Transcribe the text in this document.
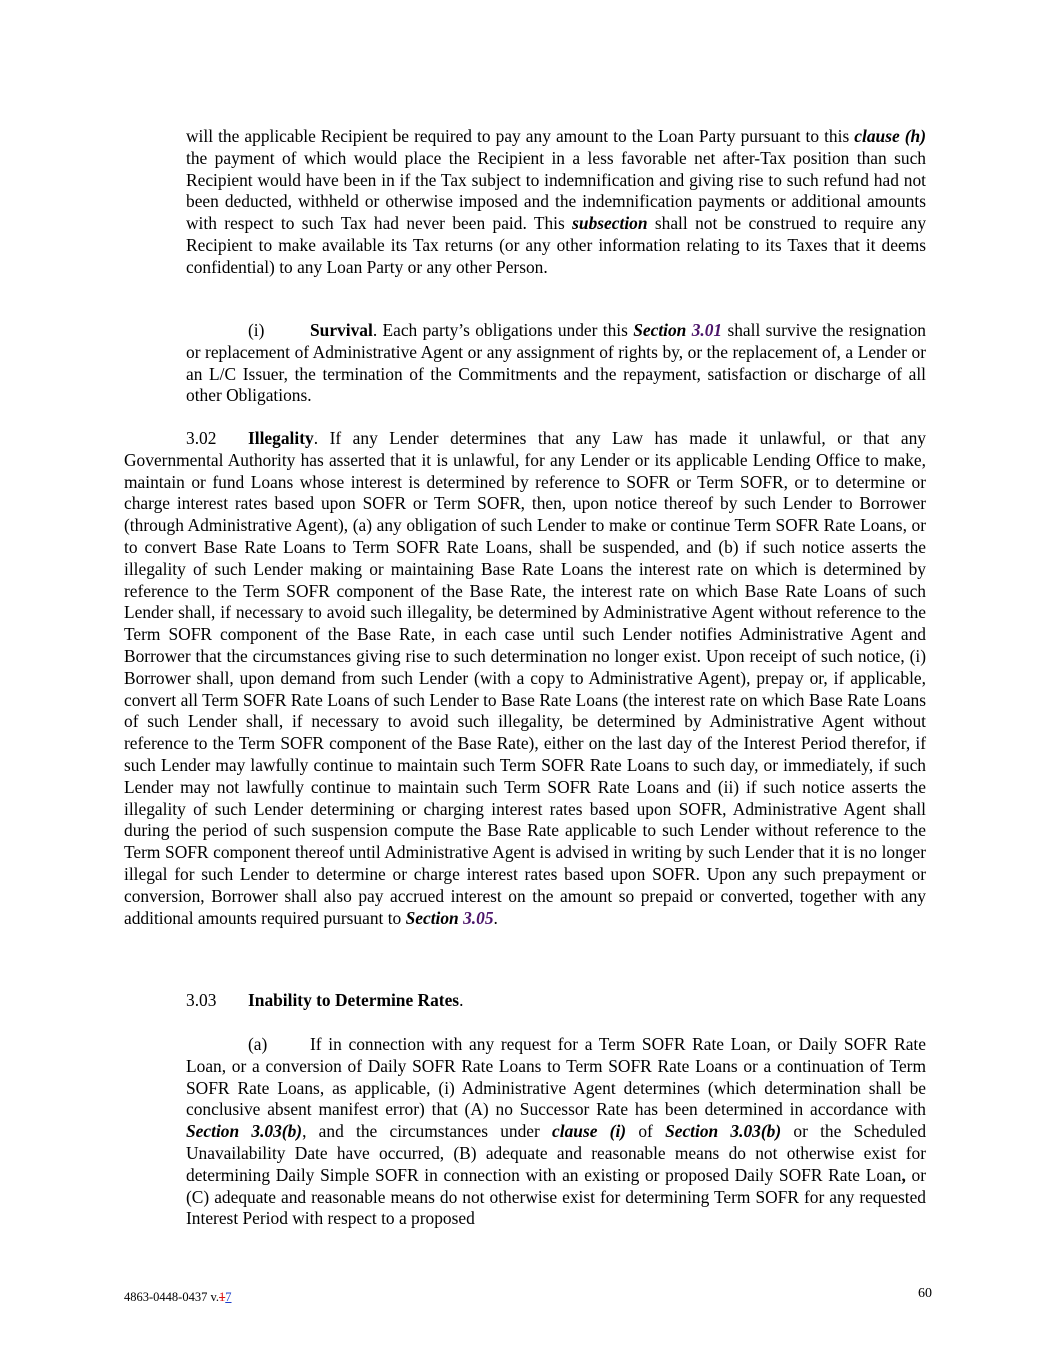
will the applicable Recipient be required to pay any amount to the Loan Party pursuant to this clause (h) the payment of which would place the Recipient in a less favorable net after-Tax position than such Recipient would have been in if the Tax subject to indemnification and giving rise to such refund had not been deducted, withheld or otherwise imposed and the indemnification payments or additional amounts with respect to such Tax had never been paid. This subsection shall not be construed to require any Recipient to make available its Tax returns (or any other information relating to its Taxes that it deems confidential) to any Loan Party or any other Person.

(i)	Survival. Each party’s obligations under this Section 3.01 shall survive the resignation or replacement of Administrative Agent or any assignment of rights by, or the replacement of, a Lender or an L/C Issuer, the termination of the Commitments and the repayment, satisfaction or discharge of all other Obligations.

3.02 Illegality. If any Lender determines that any Law has made it unlawful, or that any Governmental Authority has asserted that it is unlawful, for any Lender or its applicable Lending Office to make, maintain or fund Loans whose interest is determined by reference to SOFR or Term SOFR, or to determine or charge interest rates based upon SOFR or Term SOFR, then, upon notice thereof by such Lender to Borrower (through Administrative Agent), (a) any obligation of such Lender to make or continue Term SOFR Rate Loans, or to convert Base Rate Loans to Term SOFR Rate Loans, shall be suspended, and (b) if such notice asserts the illegality of such Lender making or maintaining Base Rate Loans the interest rate on which is determined by reference to the Term SOFR component of the Base Rate, the interest rate on which Base Rate Loans of such Lender shall, if necessary to avoid such illegality, be determined by Administrative Agent without reference to the Term SOFR component of the Base Rate, in each case until such Lender notifies Administrative Agent and Borrower that the circumstances giving rise to such determination no longer exist. Upon receipt of such notice, (i) Borrower shall, upon demand from such Lender (with a copy to Administrative Agent), prepay or, if applicable, convert all Term SOFR Rate Loans of such Lender to Base Rate Loans (the interest rate on which Base Rate Loans of such Lender shall, if necessary to avoid such illegality, be determined by Administrative Agent without reference to the Term SOFR component of the Base Rate), either on the last day of the Interest Period therefor, if such Lender may lawfully continue to maintain such Term SOFR Rate Loans to such day, or immediately, if such Lender may not lawfully continue to maintain such Term SOFR Rate Loans and (ii) if such notice asserts the illegality of such Lender determining or charging interest rates based upon SOFR, Administrative Agent shall during the period of such suspension compute the Base Rate applicable to such Lender without reference to the Term SOFR component thereof until Administrative Agent is advised in writing by such Lender that it is no longer illegal for such Lender to determine or charge interest rates based upon SOFR. Upon any such prepayment or conversion, Borrower shall also pay accrued interest on the amount so prepaid or converted, together with any additional amounts required pursuant to Section 3.05.

3.03 Inability to Determine Rates.

(a) If in connection with any request for a Term SOFR Rate Loan, or Daily SOFR Rate Loan, or a conversion of Daily SOFR Rate Loans to Term SOFR Rate Loans or a continuation of Term SOFR Rate Loans, as applicable, (i) Administrative Agent determines (which determination shall be conclusive absent manifest error) that (A) no Successor Rate has been determined in accordance with Section 3.03(b), and the circumstances under clause (i) of Section 3.03(b) or the Scheduled Unavailability Date have occurred, (B) adequate and reasonable means do not otherwise exist for determining Daily Simple SOFR in connection with an existing or proposed Daily SOFR Rate Loan, or (C) adequate and reasonable means do not otherwise exist for determining Term SOFR for any requested Interest Period with respect to a proposed

4863-0448-0437 v.17	60
